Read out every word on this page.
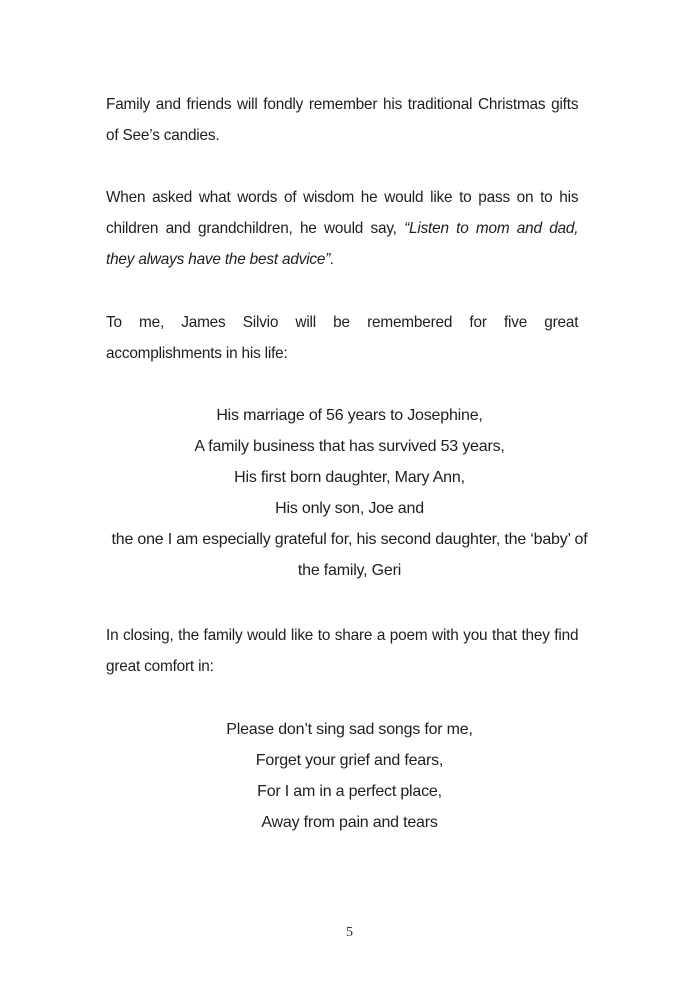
Family and friends will fondly remember his traditional Christmas gifts
of See’s candies.
When asked what words of wisdom he would like to pass on to his
children and grandchildren, he would say, “Listen to mom and dad,
they always have the best advice”.
To me, James Silvio will be remembered for five great
accomplishments in his life:
His marriage of 56 years to Josephine,
A family business that has survived 53 years,
His first born daughter, Mary Ann,
His only son, Joe and
the one I am especially grateful for, his second daughter, the ‘baby’ of
the family, Geri
In closing, the family would like to share a poem with you that they find
great comfort in:
Please don’t sing sad songs for me,
Forget your grief and fears,
For I am in a perfect place,
Away from pain and tears
5
